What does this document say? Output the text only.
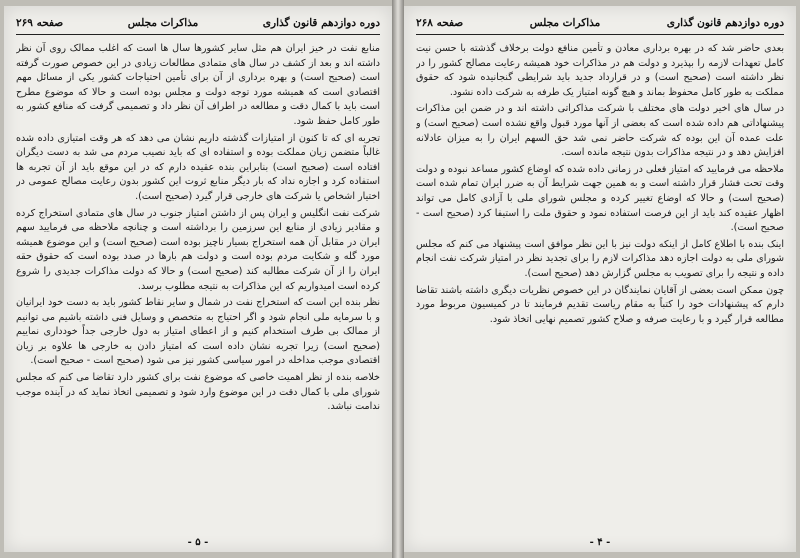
دوره دوازدهم قانون گذاری
مذاکرات مجلس
صفحه ۲۶۹

منابع نفت در خیز ایران هم مثل سایر کشورها سال ها است که اغلب ممالک روی آن نظر داشته اند و بعد از کشف در سال های متمادی مطالعات زیادی در این خصوص صورت گرفته است (صحیح است) و بهره برداری از آن برای تأمین احتیاجات کشور یکی از مسائل مهم اقتصادی است که همیشه مورد توجه دولت و مجلس بوده است و حالا که موضوع مطرح است باید با کمال دقت و مطالعه در اطراف آن نظر داد و تصمیمی گرفت که منافع کشور به طور کامل حفظ شود.

تجربه ای که تا کنون از امتیازات گذشته داریم نشان می دهد که هر وقت امتیازی داده شده غالباً متضمن زیان مملکت بوده و استفاده ای که باید نصیب مردم می شد به دست دیگران افتاده است (صحیح است) بنابراین بنده عقیده دارم که در این موقع باید از آن تجربه ها استفاده کرد و اجازه نداد که بار دیگر منابع ثروت این کشور بدون رعایت مصالح عمومی در اختیار اشخاص یا شرکت های خارجی قرار گیرد (صحیح است).

شرکت نفت انگلیس و ایران پس از داشتن امتیاز جنوب در سال های متمادی استخراج کرده و مقادیر زیادی از منابع این سرزمین را برداشته است و چنانچه ملاحظه می فرمایید سهم ایران در مقابل آن همه استخراج بسیار ناچیز بوده است (صحیح است) و این موضوع همیشه مورد گله و شکایت مردم بوده است و دولت هم بارها در صدد بوده است که حقوق حقه ایران را از آن شرکت مطالبه کند (صحیح است) و حالا که دولت مذاکرات جدیدی را شروع کرده است امیدواریم که این مذاکرات به نتیجه مطلوب برسد.

نظر بنده این است که استخراج نفت در شمال و سایر نقاط کشور باید به دست خود ایرانیان و با سرمایه ملی انجام شود و اگر احتیاج به متخصص و وسایل فنی داشته باشیم می توانیم از ممالک بی طرف استخدام کنیم و از اعطای امتیاز به دول خارجی جداً خودداری نماییم (صحیح است) زیرا تجربه نشان داده است که امتیاز دادن به خارجی ها علاوه بر زیان اقتصادی موجب مداخله در امور سیاسی کشور نیز می شود (صحیح است - صحیح است).

خلاصه بنده از نظر اهمیت خاصی که موضوع نفت برای کشور دارد تقاضا می کنم که مجلس شورای ملی با کمال دقت در این موضوع وارد شود و تصمیمی اتخاذ نماید که در آینده موجب ندامت نباشد.

- ۵ -
دوره دوازدهم قانون گذاری
مذاکرات مجلس
صفحه ۲۶۸

بعدی حاضر شد که در بهره برداری معادن و تأمین منافع دولت برخلاف گذشته با حسن نیت کامل تعهدات لازمه را بپذیرد و دولت هم در مذاکرات خود همیشه رعایت مصالح کشور را در نظر داشته است (صحیح است) و در قرارداد جدید باید شرایطی گنجانیده شود که حقوق مملکت به طور کامل محفوظ بماند و هیچ گونه امتیاز یک طرفه به شرکت داده نشود.

در سال های اخیر دولت های مختلف با شرکت مذاکراتی داشته اند و در ضمن این مذاکرات پیشنهاداتی هم داده شده است که بعضی از آنها مورد قبول واقع نشده است (صحیح است) و علت عمده آن این بوده که شرکت حاضر نمی شد حق السهم ایران را به میزان عادلانه افزایش دهد و در نتیجه مذاکرات بدون نتیجه مانده است.

ملاحظه می فرمایید که امتیاز فعلی در زمانی داده شده که اوضاع کشور مساعد نبوده و دولت وقت تحت فشار قرار داشته است و به همین جهت شرایط آن به ضرر ایران تمام شده است (صحیح است) و حالا که اوضاع تغییر کرده و مجلس شورای ملی با آزادی کامل می تواند اظهار عقیده کند باید از این فرصت استفاده نمود و حقوق ملت را استیفا کرد (صحیح است - صحیح است).

اینک بنده با اطلاع کامل از اینکه دولت نیز با این نظر موافق است پیشنهاد می کنم که مجلس شورای ملی به دولت اجازه دهد مذاکرات لازم را برای تجدید نظر در امتیاز شرکت نفت انجام داده و نتیجه را برای تصویب به مجلس گزارش دهد (صحیح است).

چون ممکن است بعضی از آقایان نمایندگان در این خصوص نظریات دیگری داشته باشند تقاضا دارم که پیشنهادات خود را کتباً به مقام ریاست تقدیم فرمایند تا در کمیسیون مربوط مورد مطالعه قرار گیرد و با رعایت صرفه و صلاح کشور تصمیم نهایی اتخاذ شود.

- ۴ -
